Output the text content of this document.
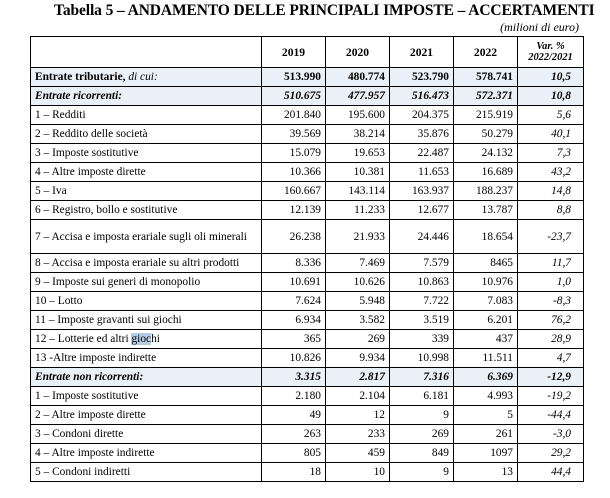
Tabella 5 – ANDAMENTO DELLE PRINCIPALI IMPOSTE – ACCERTAMENTI
(milioni di euro)
	2019	2020	2021	2022	Var. %
2022/2021
Entrate tributarie, di cui:	513.990	480.774	523.790	578.741	10,5
Entrate ricorrenti:	510.675	477.957	516.473	572.371	10,8
1 – Redditi	201.840	195.600	204.375	215.919	5,6
2 – Reddito delle società	39.569	38.214	35.876	50.279	40,1
3 – Imposte sostitutive	15.079	19.653	22.487	24.132	7,3
4 – Altre imposte dirette	10.366	10.381	11.653	16.689	43,2
5 – Iva	160.667	143.114	163.937	188.237	14,8
6 – Registro, bollo e sostitutive	12.139	11.233	12.677	13.787	8,8
7 – Accisa e imposta erariale sugli oli minerali	26.238	21.933	24.446	18.654	-23,7
8 – Accisa e imposta erariale su altri prodotti	8.336	7.469	7.579	8465	11,7
9 – Imposte sui generi di monopolio	10.691	10.626	10.863	10.976	1,0
10 – Lotto	7.624	5.948	7.722	7.083	-8,3
11 – Imposte gravanti sui giochi	6.934	3.582	3.519	6.201	76,2
12 – Lotterie ed altri giochi	365	269	339	437	28,9
13 -Altre imposte indirette	10.826	9.934	10.998	11.511	4,7
Entrate non ricorrenti:	3.315	2.817	7.316	6.369	-12,9
1 – Imposte sostitutive	2.180	2.104	6.181	4.993	-19,2
2 – Altre imposte dirette	49	12	9	5	-44,4
3 – Condoni dirette	263	233	269	261	-3,0
4 – Altre imposte indirette	805	459	849	1097	29,2
5 – Condoni indiretti	18	10	9	13	44,4
